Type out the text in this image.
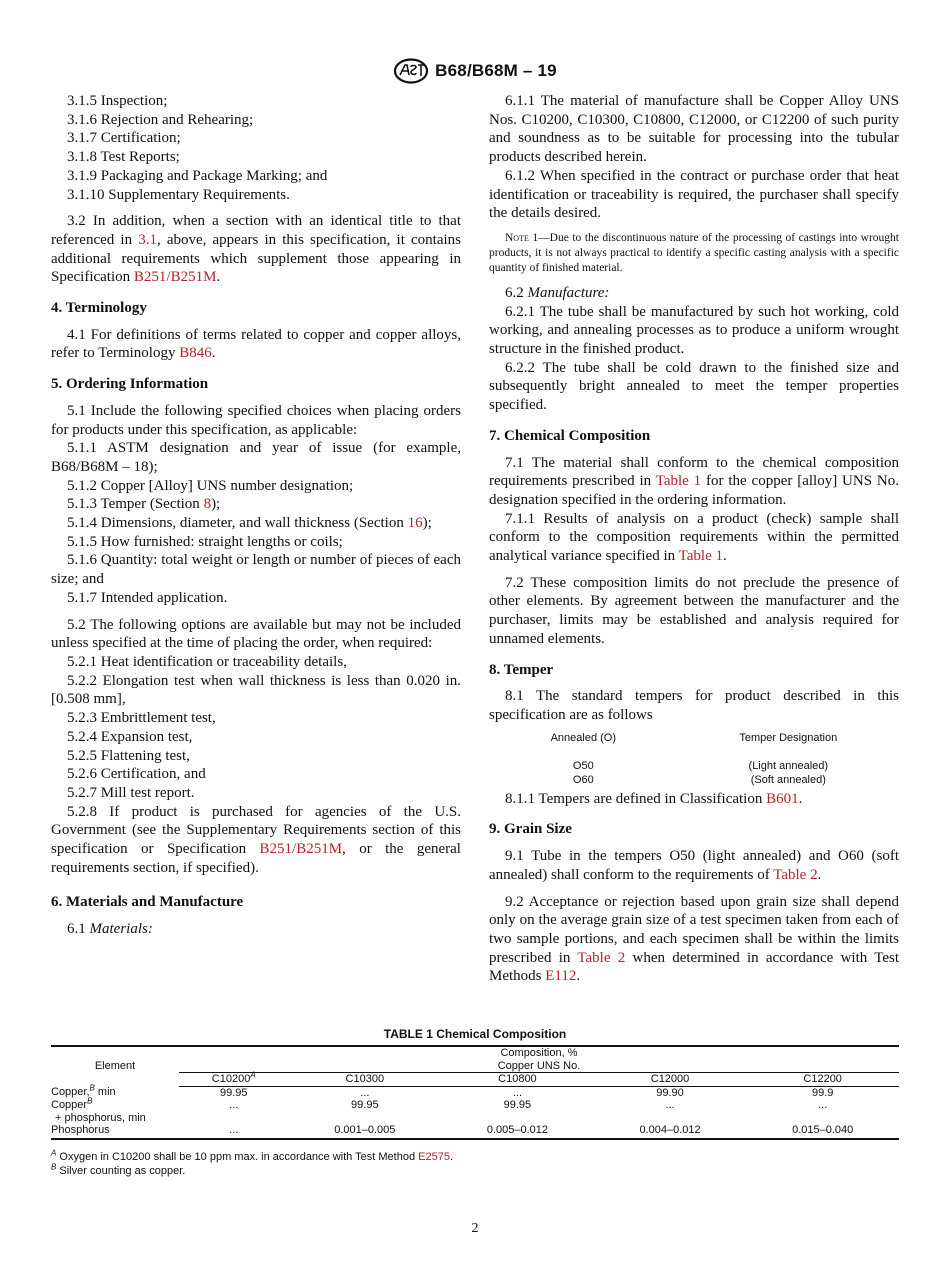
B68/B68M – 19

3.1.5 Inspection;

3.1.6 Rejection and Rehearing;

3.1.7 Certification;

3.1.8 Test Reports;

3.1.9 Packaging and Package Marking; and

3.1.10 Supplementary Requirements.

3.2 In addition, when a section with an identical title to that referenced in 3.1, above, appears in this specification, it contains additional requirements which supplement those appearing in Specification B251/B251M.

4. Terminology

4.1 For definitions of terms related to copper and copper alloys, refer to Terminology B846.

5. Ordering Information

5.1 Include the following specified choices when placing orders for products under this specification, as applicable:

5.1.1 ASTM designation and year of issue (for example, B68/B68M – 18);

5.1.2 Copper [Alloy] UNS number designation;

5.1.3 Temper (Section 8);

5.1.4 Dimensions, diameter, and wall thickness (Section 16);

5.1.5 How furnished: straight lengths or coils;

5.1.6 Quantity: total weight or length or number of pieces of each size; and

5.1.7 Intended application.

5.2 The following options are available but may not be included unless specified at the time of placing the order, when required:

5.2.1 Heat identification or traceability details,

5.2.2 Elongation test when wall thickness is less than 0.020 in. [0.508 mm],

5.2.3 Embrittlement test,

5.2.4 Expansion test,

5.2.5 Flattening test,

5.2.6 Certification, and

5.2.7 Mill test report.

5.2.8 If product is purchased for agencies of the U.S. Government (see the Supplementary Requirements section of this specification or Specification B251/B251M, or the general requirements section, if specified).

6. Materials and Manufacture

6.1 Materials:

6.1.1 The material of manufacture shall be Copper Alloy UNS Nos. C10200, C10300, C10800, C12000, or C12200 of such purity and soundness as to be suitable for processing into the tubular products described herein.

6.1.2 When specified in the contract or purchase order that heat identification or traceability is required, the purchaser shall specify the details desired.

Note 1—Due to the discontinuous nature of the processing of castings into wrought products, it is not always practical to identify a specific casting analysis with a specific quantity of finished material.

6.2 Manufacture:

6.2.1 The tube shall be manufactured by such hot working, cold working, and annealing processes as to produce a uniform wrought structure in the finished product.

6.2.2 The tube shall be cold drawn to the finished size and subsequently bright annealed to meet the temper properties specified.

7. Chemical Composition

7.1 The material shall conform to the chemical composition requirements prescribed in Table 1 for the copper [alloy] UNS No. designation specified in the ordering information.

7.1.1 Results of analysis on a product (check) sample shall conform to the composition requirements within the permitted analytical variance specified in Table 1.

7.2 These composition limits do not preclude the presence of other elements. By agreement between the manufacturer and the purchaser, limits may be established and analysis required for unnamed elements.

8. Temper

8.1 The standard tempers for product described in this specification are as follows

Annealed (O)	Temper Designation

O50	(Light annealed)
O60	(Soft annealed)

8.1.1 Tempers are defined in Classification B601.

9. Grain Size

9.1 Tube in the tempers O50 (light annealed) and O60 (soft annealed) shall conform to the requirements of Table 2.

9.2 Acceptance or rejection based upon grain size shall depend only on the average grain size of a test specimen taken from each of two sample portions, and each specimen shall be within the limits prescribed in Table 2 when determined in accordance with Test Methods E112.

TABLE 1 Chemical Composition
Element	Composition, %				
	Copper UNS No.				
	$C10200^A$	C10300	C10800	C12000	C12200
Copper,$^B$ min	99.95	...	...	99.90	99.9
Copper$^B$
+ phosphorus, min	...	99.95	99.95	...	...
Phosphorus	...	0.001–0.005	0.005–0.012	0.004–0.012	0.015–0.040
$^A$ Oxygen in C10200 shall be 10 ppm max. in accordance with Test Method E2575.
$^B$ Silver counting as copper.
2
